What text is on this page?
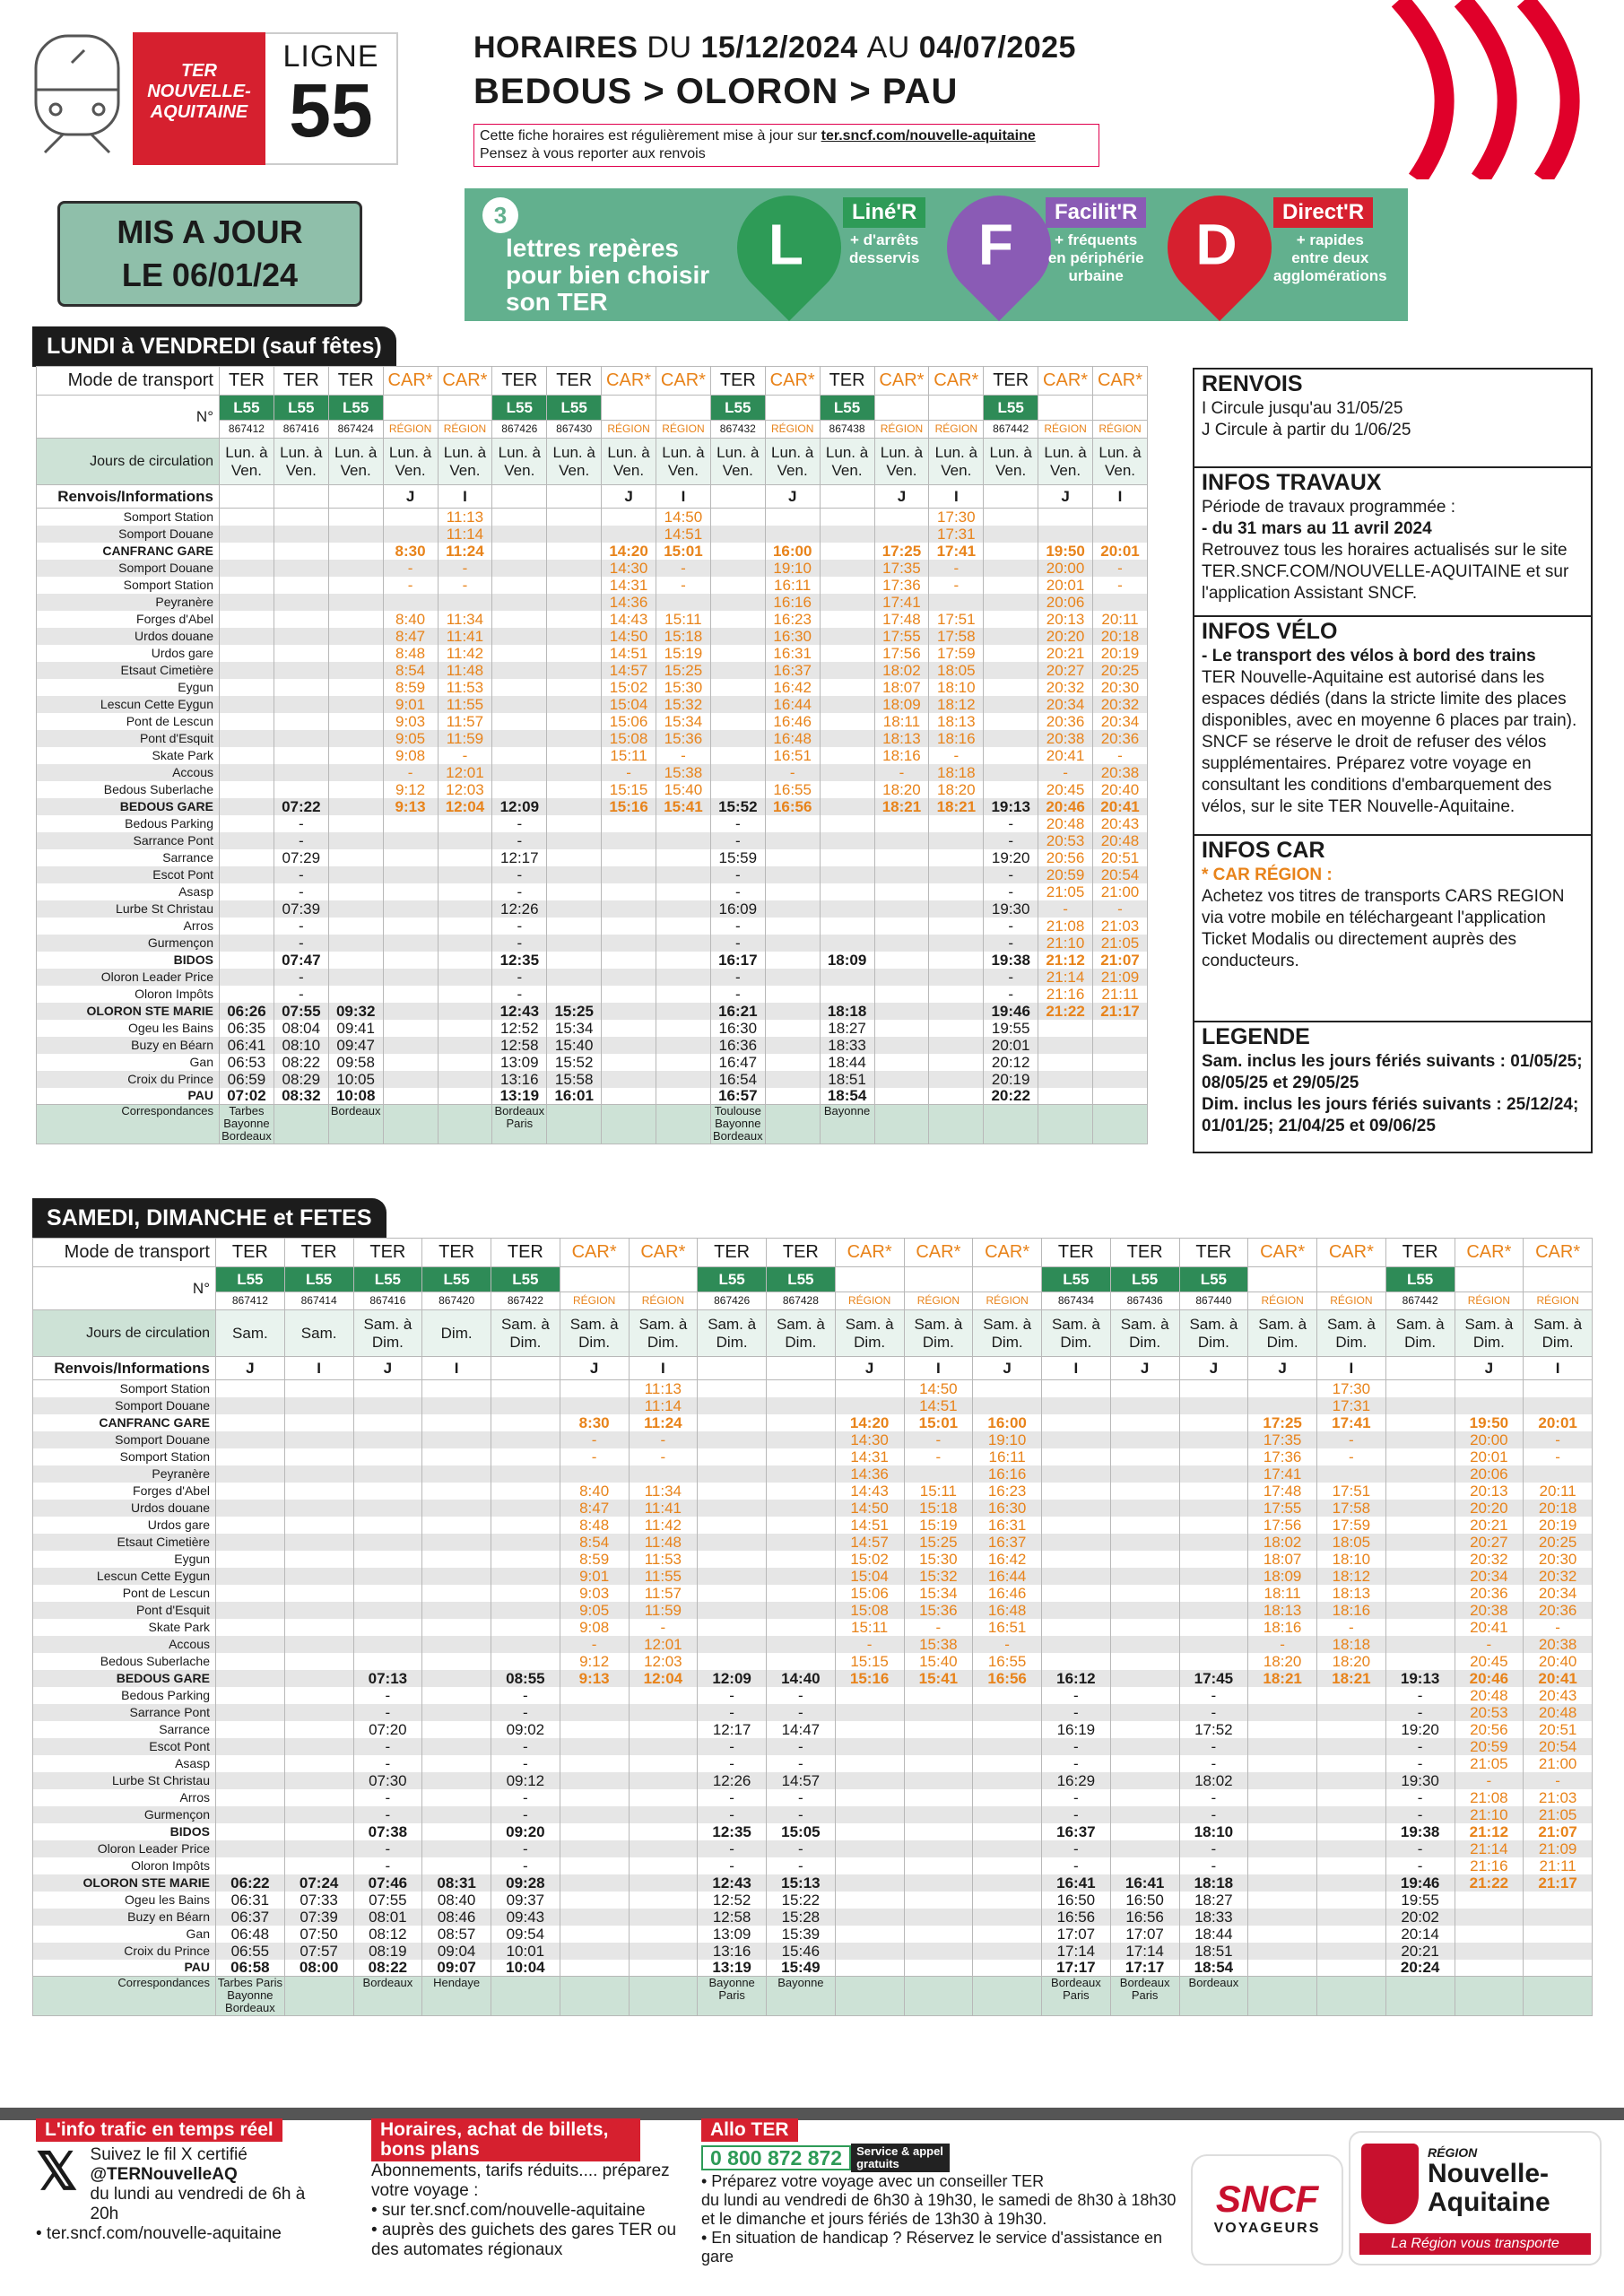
TER
NOUVELLE-
AQUITAINE
LIGNE
55
HORAIRES DU 15/12/2024 AU 04/07/2025
BEDOUS > OLORON > PAU
Cette fiche horaires est régulièrement mise à jour sur ter.sncf.com/nouvelle-aquitaine
Pensez à vous reporter aux renvois
MIS A JOUR
LE 06/01/24
3
lettres repères
pour bien choisir
son TER
L	Liné'R
+ d'arrêts
desservis	F	Facilit'R
+ fréquents
en périphérie
urbaine	D	Direct'R
+ rapides
entre deux
agglomérations
LUNDI à VENDREDI (sauf fêtes)
Mode de transport	TER	TER	TER	CAR*	CAR*	TER	TER	CAR*	CAR*	TER	CAR*	TER	CAR*	CAR*	TER	CAR*	CAR*
N°	L55	L55	L55			L55	L55			L55		L55			L55		
	867412	867416	867424	RÉGION	RÉGION	867426	867430	RÉGION	RÉGION	867432	RÉGION	867438	RÉGION	RÉGION	867442	RÉGION	RÉGION
Jours de circulation	Lun. à Ven.	Lun. à Ven.	Lun. à Ven.	Lun. à Ven.	Lun. à Ven.	Lun. à Ven.	Lun. à Ven.	Lun. à Ven.	Lun. à Ven.	Lun. à Ven.	Lun. à Ven.	Lun. à Ven.	Lun. à Ven.	Lun. à Ven.	Lun. à Ven.	Lun. à Ven.	Lun. à Ven.
Renvois/Informations				J	I			J	I		J		J	I		J	I
Somport Station					11:13				14:50					17:30			
Somport Douane					11:14				14:51					17:31			
CANFRANC GARE				8:30	11:24			14:20	15:01		16:00		17:25	17:41		19:50	20:01
Somport Douane				-	-			14:30	-		19:10		17:35	-		20:00	-
Somport Station				-	-			14:31	-		16:11		17:36	-		20:01	-
Peyranère								14:36			16:16		17:41			20:06	
Forges d'Abel				8:40	11:34			14:43	15:11		16:23		17:48	17:51		20:13	20:11
Urdos douane				8:47	11:41			14:50	15:18		16:30		17:55	17:58		20:20	20:18
Urdos gare				8:48	11:42			14:51	15:19		16:31		17:56	17:59		20:21	20:19
Etsaut Cimetière				8:54	11:48			14:57	15:25		16:37		18:02	18:05		20:27	20:25
Eygun				8:59	11:53			15:02	15:30		16:42		18:07	18:10		20:32	20:30
Lescun Cette Eygun				9:01	11:55			15:04	15:32		16:44		18:09	18:12		20:34	20:32
Pont de Lescun				9:03	11:57			15:06	15:34		16:46		18:11	18:13		20:36	20:34
Pont d'Esquit				9:05	11:59			15:08	15:36		16:48		18:13	18:16		20:38	20:36
Skate Park				9:08	-			15:11	-		16:51		18:16	-		20:41	-
Accous				-	12:01			-	15:38		-		-	18:18		-	20:38
Bedous Suberlache				9:12	12:03			15:15	15:40		16:55		18:20	18:20		20:45	20:40
BEDOUS GARE		07:22		9:13	12:04	12:09		15:16	15:41	15:52	16:56		18:21	18:21	19:13	20:46	20:41
Bedous Parking		-				-				-					-	20:48	20:43
Sarrance Pont		-				-				-					-	20:53	20:48
Sarrance		07:29				12:17				15:59					19:20	20:56	20:51
Escot Pont		-				-				-					-	20:59	20:54
Asasp		-				-				-					-	21:05	21:00
Lurbe St Christau		07:39				12:26				16:09					19:30	-	-
Arros		-				-				-					-	21:08	21:03
Gurmençon		-				-				-					-	21:10	21:05
BIDOS		07:47				12:35				16:17		18:09			19:38	21:12	21:07
Oloron Leader Price		-				-				-					-	21:14	21:09
Oloron Impôts		-				-				-					-	21:16	21:11
OLORON STE MARIE	06:26	07:55	09:32			12:43	15:25			16:21		18:18			19:46	21:22	21:17
Ogeu les Bains	06:35	08:04	09:41			12:52	15:34			16:30		18:27			19:55		
Buzy en Béarn	06:41	08:10	09:47			12:58	15:40			16:36		18:33			20:01		
Gan	06:53	08:22	09:58			13:09	15:52			16:47		18:44			20:12		
Croix du Prince	06:59	08:29	10:05			13:16	15:58			16:54		18:51			20:19		
PAU	07:02	08:32	10:08			13:19	16:01			16:57		18:54			20:22		
Correspondances	Tarbes Bayonne Bordeaux		Bordeaux			Bordeaux Paris				Toulouse Bayonne Bordeaux		Bayonne					
SAMEDI, DIMANCHE et FETES
Mode de transport	TER	TER	TER	TER	TER	CAR*	CAR*	TER	TER	CAR*	CAR*	CAR*	TER	TER	TER	CAR*	CAR*	TER	CAR*	CAR*
N°	L55	L55	L55	L55	L55			L55	L55				L55	L55	L55			L55		
	867412	867414	867416	867420	867422	RÉGION	RÉGION	867426	867428	RÉGION	RÉGION	RÉGION	867434	867436	867440	RÉGION	RÉGION	867442	RÉGION	RÉGION
Jours de circulation	Sam.	Sam.	Sam. à Dim.	Dim.	Sam. à Dim.	Sam. à Dim.	Sam. à Dim.	Sam. à Dim.	Sam. à Dim.	Sam. à Dim.	Sam. à Dim.	Sam. à Dim.	Sam. à Dim.	Sam. à Dim.	Sam. à Dim.	Sam. à Dim.	Sam. à Dim.	Sam. à Dim.	Sam. à Dim.	Sam. à Dim.
Renvois/Informations	J	I	J	I		J	I			J	I	J	I	J	J	J	I		J	I
Somport Station							11:13				14:50						17:30			
Somport Douane							11:14				14:51						17:31			
CANFRANC GARE						8:30	11:24			14:20	15:01	16:00				17:25	17:41		19:50	20:01
Somport Douane						-	-			14:30	-	19:10				17:35	-		20:00	-
Somport Station						-	-			14:31	-	16:11				17:36	-		20:01	-
Peyranère										14:36		16:16				17:41			20:06	
Forges d'Abel						8:40	11:34			14:43	15:11	16:23				17:48	17:51		20:13	20:11
Urdos douane						8:47	11:41			14:50	15:18	16:30				17:55	17:58		20:20	20:18
Urdos gare						8:48	11:42			14:51	15:19	16:31				17:56	17:59		20:21	20:19
Etsaut Cimetière						8:54	11:48			14:57	15:25	16:37				18:02	18:05		20:27	20:25
Eygun						8:59	11:53			15:02	15:30	16:42				18:07	18:10		20:32	20:30
Lescun Cette Eygun						9:01	11:55			15:04	15:32	16:44				18:09	18:12		20:34	20:32
Pont de Lescun						9:03	11:57			15:06	15:34	16:46				18:11	18:13		20:36	20:34
Pont d'Esquit						9:05	11:59			15:08	15:36	16:48				18:13	18:16		20:38	20:36
Skate Park						9:08	-			15:11	-	16:51				18:16	-		20:41	-
Accous						-	12:01			-	15:38	-				-	18:18		-	20:38
Bedous Suberlache						9:12	12:03			15:15	15:40	16:55				18:20	18:20		20:45	20:40
BEDOUS GARE			07:13		08:55	9:13	12:04	12:09	14:40	15:16	15:41	16:56	16:12		17:45	18:21	18:21	19:13	20:46	20:41
Bedous Parking			-		-			-	-				-		-			-	20:48	20:43
Sarrance Pont			-		-			-	-				-		-			-	20:53	20:48
Sarrance			07:20		09:02			12:17	14:47				16:19		17:52			19:20	20:56	20:51
Escot Pont			-		-			-	-				-		-			-	20:59	20:54
Asasp			-		-			-	-				-		-			-	21:05	21:00
Lurbe St Christau			07:30		09:12			12:26	14:57				16:29		18:02			19:30	-	-
Arros			-		-			-	-				-		-			-	21:08	21:03
Gurmençon			-		-			-	-				-		-			-	21:10	21:05
BIDOS			07:38		09:20			12:35	15:05				16:37		18:10			19:38	21:12	21:07
Oloron Leader Price			-		-			-	-				-		-			-	21:14	21:09
Oloron Impôts			-		-			-	-				-		-			-	21:16	21:11
OLORON STE MARIE	06:22	07:24	07:46	08:31	09:28			12:43	15:13				16:41	16:41	18:18			19:46	21:22	21:17
Ogeu les Bains	06:31	07:33	07:55	08:40	09:37			12:52	15:22				16:50	16:50	18:27			19:55		
Buzy en Béarn	06:37	07:39	08:01	08:46	09:43			12:58	15:28				16:56	16:56	18:33			20:02		
Gan	06:48	07:50	08:12	08:57	09:54			13:09	15:39				17:07	17:07	18:44			20:14		
Croix du Prince	06:55	07:57	08:19	09:04	10:01			13:16	15:46				17:14	17:14	18:51			20:21		
PAU	06:58	08:00	08:22	09:07	10:04			13:19	15:49				17:17	17:17	18:54			20:24		
Correspondances	Tarbes Paris Bayonne Bordeaux		Bordeaux	Hendaye				Bayonne Paris	Bayonne				Bordeaux Paris	Bordeaux Paris	Bordeaux					
RENVOIS
I Circule jusqu'au 31/05/25
J Circule à partir du 1/06/25
INFOS TRAVAUX
Période de travaux programmée :
- du 31 mars au 11 avril 2024
Retrouvez tous les horaires actualisés sur le site TER.SNCF.COM/NOUVELLE-AQUITAINE et sur l'application Assistant SNCF.
INFOS VÉLO
- Le transport des vélos à bord des trains
TER Nouvelle-Aquitaine est autorisé dans les espaces dédiés (dans la stricte limite des places disponibles, avec en moyenne 6 places par train). SNCF se réserve le droit de refuser des vélos supplémentaires. Préparez votre voyage en consultant les conditions d'embarquement des vélos, sur le site TER Nouvelle-Aquitaine.
INFOS CAR
* CAR RÉGION :
Achetez vos titres de transports CARS REGION via votre mobile en téléchargeant l'application Ticket Modalis ou directement auprès des conducteurs.
LEGENDE
Sam. inclus les jours fériés suivants : 01/05/25; 08/05/25 et 29/05/25
Dim. inclus les jours fériés suivants : 25/12/24; 01/01/25; 21/04/25 et 09/06/25
L'info trafic en temps réel
𝕏 Suivez le fil X certifié
@TERNouvelleAQ
du lundi au vendredi de 6h à 20h
• ter.sncf.com/nouvelle-aquitaine
Horaires, achat de billets, bons plans
Abonnements, tarifs réduits.... préparez votre voyage :
• sur ter.sncf.com/nouvelle-aquitaine
• auprès des guichets des gares TER ou des automates régionaux
Allo TER
0 800 872 872	Service & appel gratuits
• Préparez votre voyage avec un conseiller TER
du lundi au vendredi de 6h30 à 19h30, le samedi de 8h30 à 18h30
et le dimanche et jours fériés de 13h30 à 19h30.
• En situation de handicap ? Réservez le service d'assistance en gare
SNCF
VOYAGEURS
RÉGION
Nouvelle-
Aquitaine
La Région vous transporte
